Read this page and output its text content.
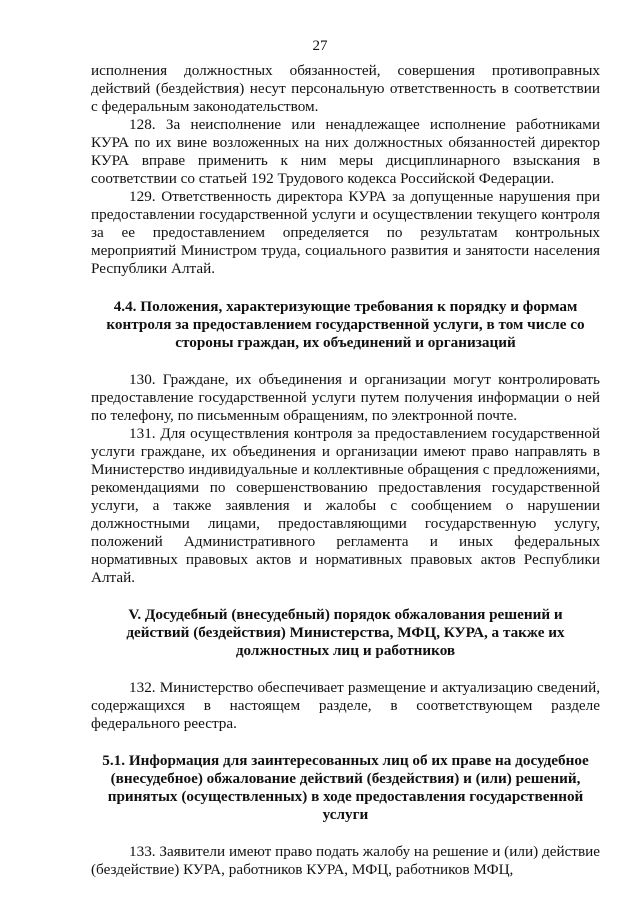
27

исполнения должностных обязанностей, совершения противоправных действий (бездействия) несут персональную ответственность в соответствии с федеральным законодательством.

128. За неисполнение или ненадлежащее исполнение работниками КУРА по их вине возложенных на них должностных обязанностей директор КУРА вправе применить к ним меры дисциплинарного взыскания в соответствии со статьей 192 Трудового кодекса Российской Федерации.

129. Ответственность директора КУРА за допущенные нарушения при предоставлении государственной услуги и осуществлении текущего контроля за ее предоставлением определяется по результатам контрольных мероприятий Министром труда, социального развития и занятости населения Республики Алтай.

4.4. Положения, характеризующие требования к порядку и формам контроля за предоставлением государственной услуги, в том числе со стороны граждан, их объединений и организаций

130. Граждане, их объединения и организации могут контролировать предоставление государственной услуги путем получения информации о ней по телефону, по письменным обращениям, по электронной почте.

131. Для осуществления контроля за предоставлением государственной услуги граждане, их объединения и организации имеют право направлять в Министерство индивидуальные и коллективные обращения с предложениями, рекомендациями по совершенствованию предоставления государственной услуги, а также заявления и жалобы с сообщением о нарушении должностными лицами, предоставляющими государственную услугу, положений Административного регламента и иных федеральных нормативных правовых актов и нормативных правовых актов Республики Алтай.

V. Досудебный (внесудебный) порядок обжалования решений и действий (бездействия) Министерства, МФЦ, КУРА, а также их должностных лиц и работников

132. Министерство обеспечивает размещение и актуализацию сведений, содержащихся в настоящем разделе, в соответствующем разделе федерального реестра.

5.1. Информация для заинтересованных лиц об их праве на досудебное (внесудебное) обжалование действий (бездействия) и (или) решений, принятых (осуществленных) в ходе предоставления государственной услуги

133. Заявители имеют право подать жалобу на решение и (или) действие (бездействие) КУРА, работников КУРА, МФЦ, работников МФЦ,
